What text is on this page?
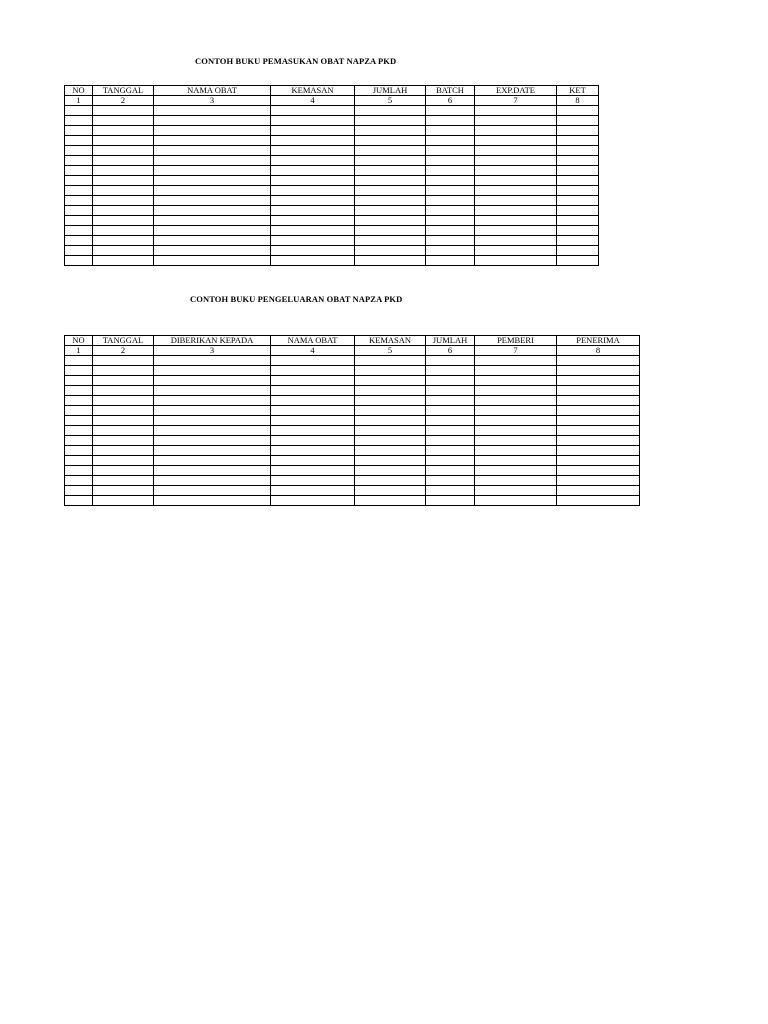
CONTOH BUKU PEMASUKAN OBAT NAPZA PKD
NO	TANGGAL	NAMA OBAT	KEMASAN	JUMLAH	BATCH	EXP.DATE	KET
1	2	3	4	5	6	7	8

CONTOH BUKU PENGELUARAN OBAT NAPZA PKD
NO	TANGGAL	DIBERIKAN KEPADA	NAMA OBAT	KEMASAN	JUMLAH	PEMBERI	PENERIMA
1	2	3	4	5	6	7	8
